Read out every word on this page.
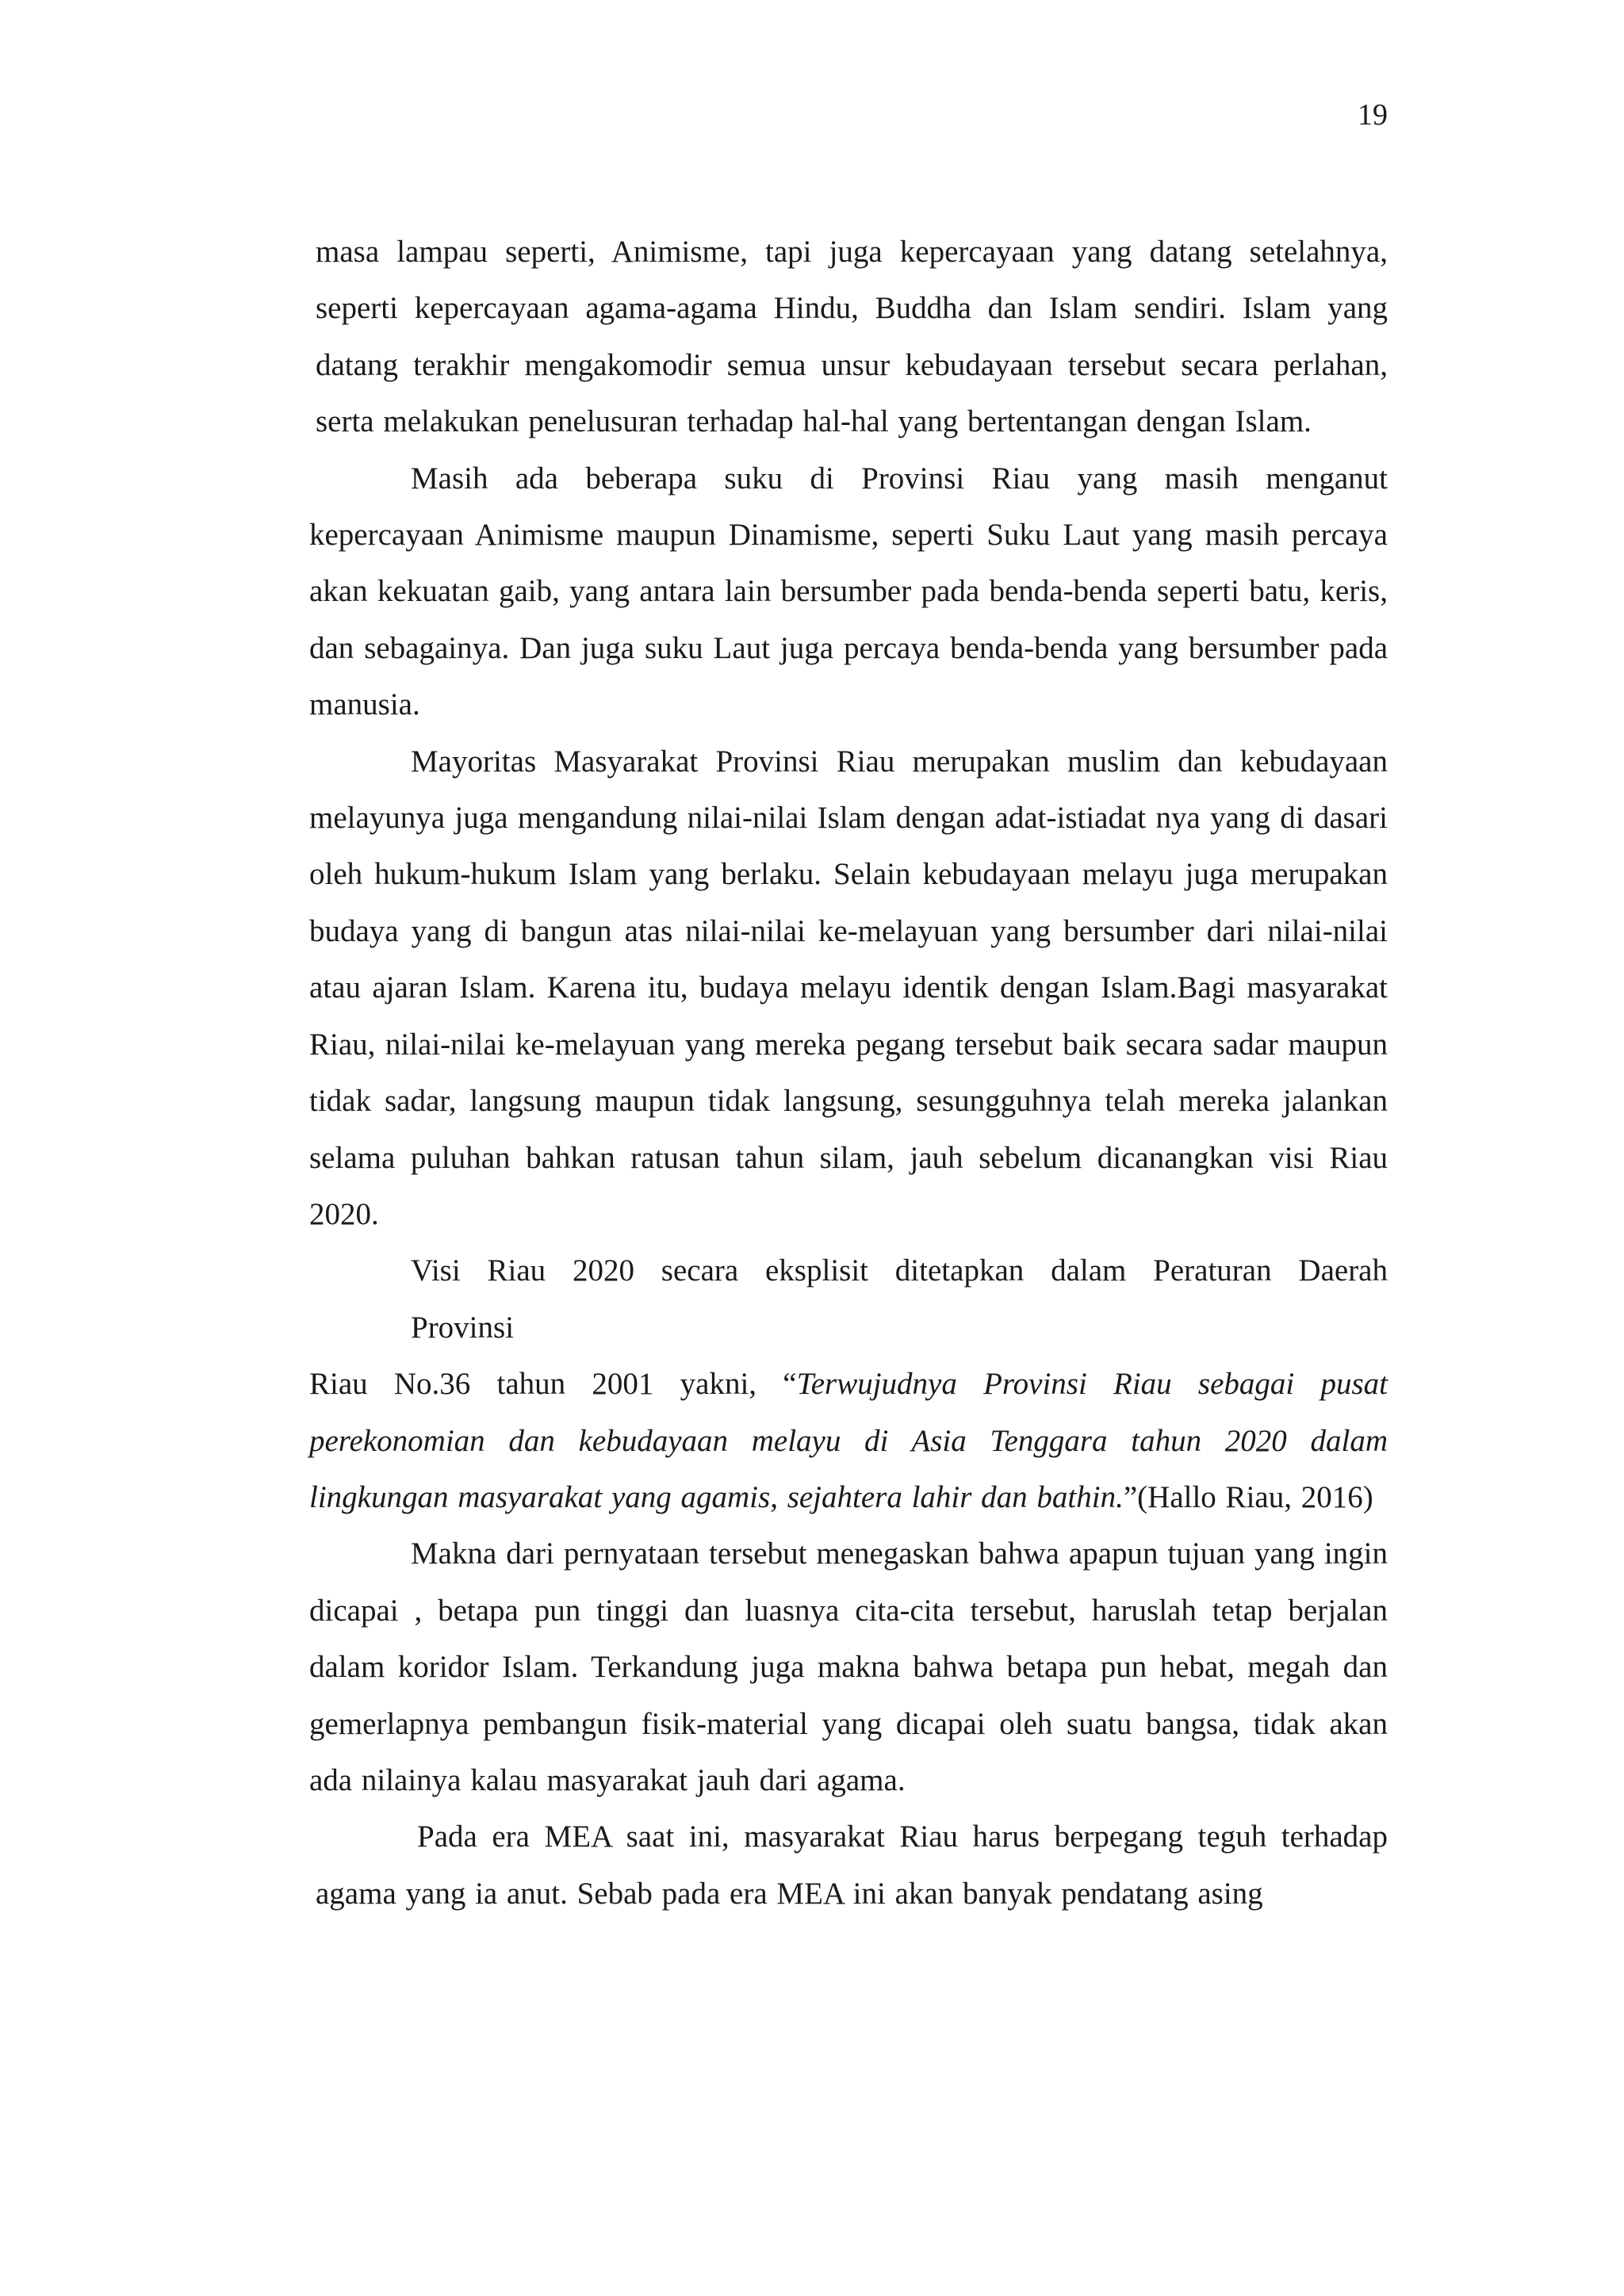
19

masa lampau seperti, Animisme, tapi juga kepercayaan yang datang setelahnya, seperti kepercayaan agama-agama Hindu, Buddha dan Islam sendiri. Islam yang datang terakhir mengakomodir semua unsur kebudayaan tersebut secara perlahan, serta melakukan penelusuran terhadap hal-hal yang bertentangan dengan Islam.

Masih ada beberapa suku di Provinsi Riau yang masih menganut kepercayaan Animisme maupun Dinamisme, seperti Suku Laut yang masih percaya akan kekuatan gaib, yang antara lain bersumber pada benda-benda seperti batu, keris, dan sebagainya. Dan juga suku Laut juga percaya benda-benda yang bersumber pada manusia.

Mayoritas Masyarakat Provinsi Riau merupakan muslim dan kebudayaan melayunya juga mengandung nilai-nilai Islam dengan adat-istiadat nya yang di dasari oleh hukum-hukum Islam yang berlaku. Selain kebudayaan melayu juga merupakan budaya yang di bangun atas nilai-nilai ke-melayuan yang bersumber dari nilai-nilai atau ajaran Islam. Karena itu, budaya melayu identik dengan Islam.Bagi masyarakat Riau, nilai-nilai ke-melayuan yang mereka pegang tersebut baik secara sadar maupun tidak sadar, langsung maupun tidak langsung, sesungguhnya telah mereka jalankan selama puluhan bahkan ratusan tahun silam, jauh sebelum dicanangkan visi Riau 2020.

Visi Riau 2020 secara eksplisit ditetapkan dalam Peraturan Daerah

Provinsi

Riau No.36 tahun 2001 yakni, “Terwujudnya Provinsi Riau sebagai pusat perekonomian dan kebudayaan melayu di Asia Tenggara tahun 2020 dalam lingkungan masyarakat yang agamis, sejahtera lahir dan bathin.”(Hallo Riau, 2016)

Makna dari pernyataan tersebut menegaskan bahwa apapun tujuan yang ingin dicapai , betapa pun tinggi dan luasnya cita-cita tersebut, haruslah tetap berjalan dalam koridor Islam. Terkandung juga makna bahwa betapa pun hebat, megah dan gemerlapnya pembangun fisik-material yang dicapai oleh suatu bangsa, tidak akan ada nilainya kalau masyarakat jauh dari agama.

Pada era MEA saat ini, masyarakat Riau harus berpegang teguh terhadap agama yang ia anut. Sebab pada era MEA ini akan banyak pendatang asing
